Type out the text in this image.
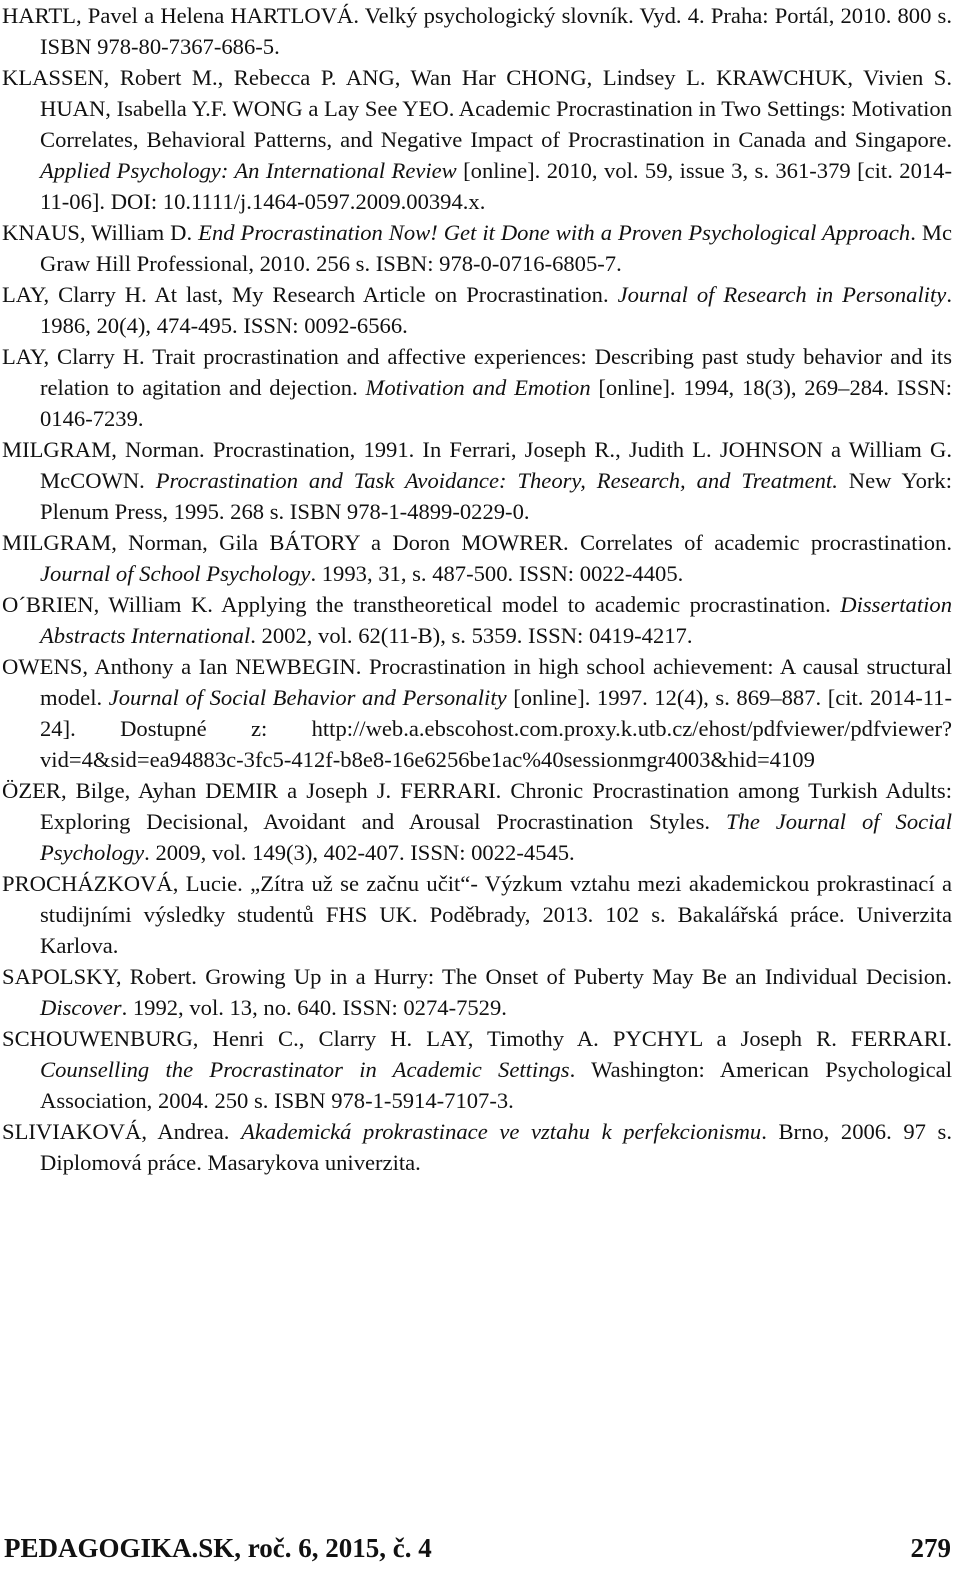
HARTL, Pavel a Helena HARTLOVÁ. Velký psychologický slovník. Vyd. 4. Praha: Portál, 2010. 800 s. ISBN 978-80-7367-686-5.

KLASSEN, Robert M., Rebecca P. ANG, Wan Har CHONG, Lindsey L. KRAWCHUK, Vivien S. HUAN, Isabella Y.F. WONG a Lay See YEO. Academic Procrastination in Two Settings: Motivation Correlates, Behavioral Patterns, and Negative Impact of Procrastination in Canada and Singapore. Applied Psychology: An International Review [online]. 2010, vol. 59, issue 3, s. 361-379 [cit. 2014-11-06]. DOI: 10.1111/j.1464-0597.2009.00394.x.

KNAUS, William D. End Procrastination Now! Get it Done with a Proven Psychological Approach. Mc Graw Hill Professional, 2010. 256 s. ISBN: 978-0-0716-6805-7.

LAY, Clarry H. At last, My Research Article on Procrastination. Journal of Research in Personality. 1986, 20(4), 474-495. ISSN: 0092-6566.

LAY, Clarry H. Trait procrastination and affective experiences: Describing past study behavior and its relation to agitation and dejection. Motivation and Emotion [online]. 1994, 18(3), 269–284. ISSN: 0146-7239.

MILGRAM, Norman. Procrastination, 1991. In Ferrari, Joseph R., Judith L. JOHNSON a William G. McCOWN. Procrastination and Task Avoidance: Theory, Research, and Treatment. New York: Plenum Press, 1995. 268 s. ISBN 978-1-4899-0229-0.

MILGRAM, Norman, Gila BÁTORY a Doron MOWRER. Correlates of academic procrastination. Journal of School Psychology. 1993, 31, s. 487-500. ISSN: 0022-4405.

O´BRIEN, William K. Applying the transtheoretical model to academic procrastination. Dissertation Abstracts International. 2002, vol. 62(11-B), s. 5359. ISSN: 0419-4217.

OWENS, Anthony a Ian NEWBEGIN. Procrastination in high school achievement: A causal structural model. Journal of Social Behavior and Personality [online]. 1997. 12(4), s. 869–887. [cit. 2014-11-24]. Dostupné z: http://web.a.ebscohost.com.proxy.k.utb.cz/ehost/pdfviewer/pdfviewer?vid=4&sid=e​a94883c-3fc5-412f-b8e8-16e6256be1ac%40sessionmgr4003&hid=4109

ÖZER, Bilge, Ayhan DEMIR a Joseph J. FERRARI. Chronic Procrastination among Turkish Adults: Exploring Decisional, Avoidant and Arousal Procrastination Styles. The Journal of Social Psychology. 2009, vol. 149(3), 402-407. ISSN: 0022-4545.

PROCHÁZKOVÁ, Lucie. „Zítra už se začnu učit“- Výzkum vztahu mezi akademickou prokrastinací a studijními výsledky studentů FHS UK. Poděbrady, 2013. 102 s. Bakalářská práce. Univerzita Karlova.

SAPOLSKY, Robert. Growing Up in a Hurry: The Onset of Puberty May Be an Individual Decision. Discover. 1992, vol. 13, no. 640. ISSN: 0274-7529.

SCHOUWENBURG, Henri C., Clarry H. LAY, Timothy A. PYCHYL a Joseph R. FERRARI. Counselling the Procrastinator in Academic Settings. Washington: American Psychological Association, 2004. 250 s. ISBN 978-1-5914-7107-3.

SLIVIAKOVÁ, Andrea. Akademická prokrastinace ve vztahu k perfekcionismu. Brno, 2006. 97 s. Diplomová práce. Masarykova univerzita.

PEDAGOGIKA.SK, roč. 6, 2015, č. 4	279
